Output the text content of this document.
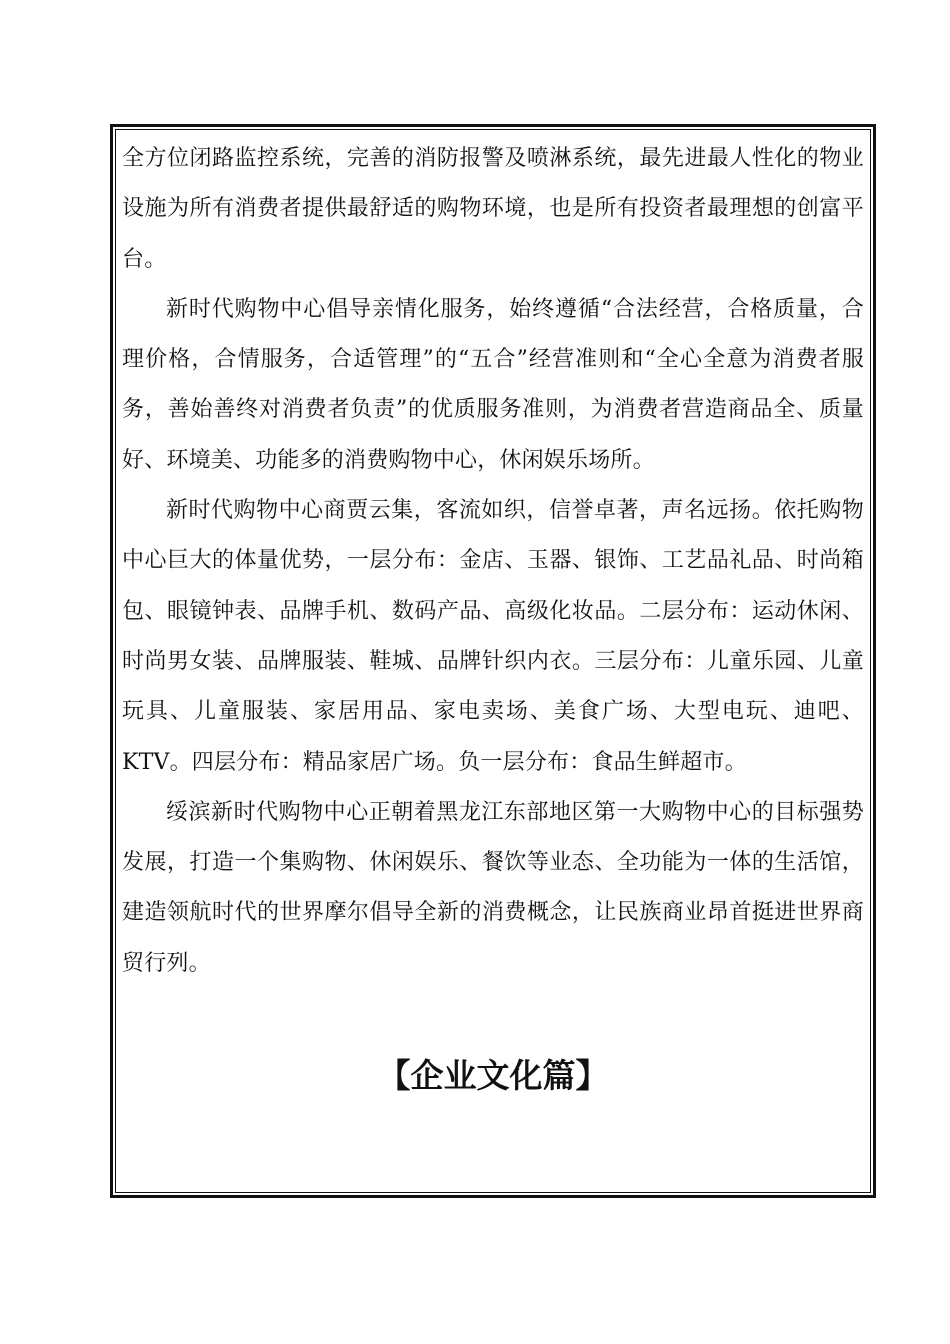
全方位闭路监控系统，完善的消防报警及喷淋系统，最先进最人性化的物业设施为所有消费者提供最舒适的购物环境，也是所有投资者最理想的创富平台。

新时代购物中心倡导亲情化服务，始终遵循“合法经营，合格质量，合理价格，合情服务，合适管理”的“五合”经营准则和“全心全意为消费者服务，善始善终对消费者负责”的优质服务准则，为消费者营造商品全、质量好、环境美、功能多的消费购物中心，休闲娱乐场所。

新时代购物中心商贾云集，客流如织，信誉卓著，声名远扬。依托购物中心巨大的体量优势，一层分布：金店、玉器、银饰、工艺品礼品、时尚箱包、眼镜钟表、品牌手机、数码产品、高级化妆品。二层分布：运动休闲、时尚男女装、品牌服装、鞋城、品牌针织内衣。三层分布：儿童乐园、儿童玩具、儿童服装、家居用品、家电卖场、美食广场、大型电玩、迪吧、KTV。四层分布：精品家居广场。负一层分布：食品生鲜超市。

绥滨新时代购物中心正朝着黑龙江东部地区第一大购物中心的目标强势发展，打造一个集购物、休闲娱乐、餐饮等业态、全功能为一体的生活馆，建造领航时代的世界摩尔倡导全新的消费概念，让民族商业昂首挺进世界商贸行列。

【企业文化篇】
